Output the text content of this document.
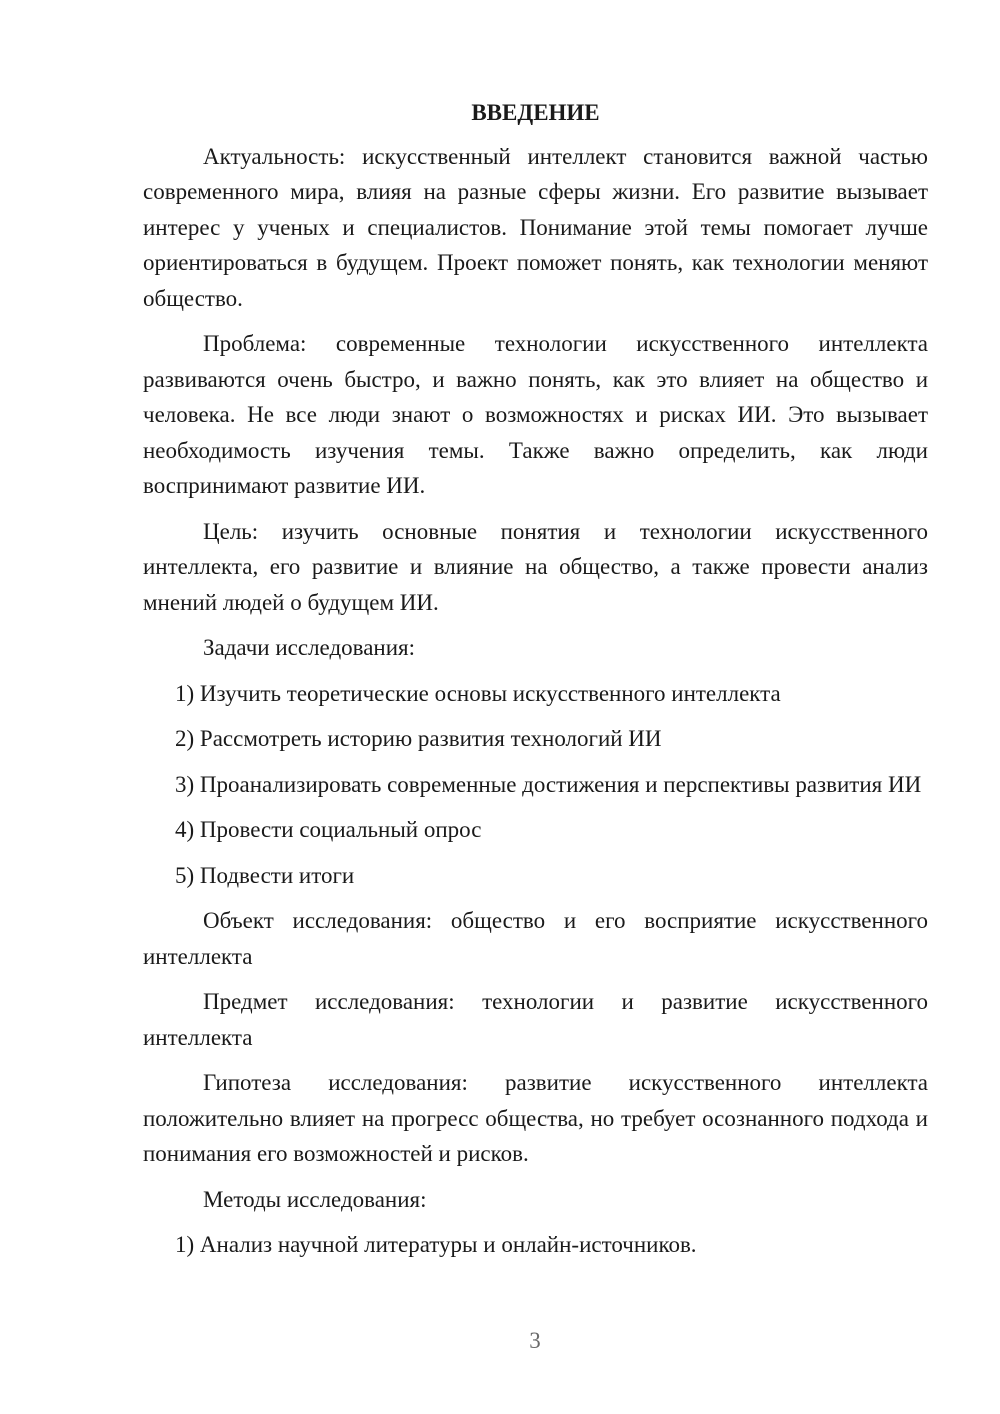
ВВЕДЕНИЕ

Актуальность: искусственный интеллект становится важной частью современного мира, влияя на разные сферы жизни. Его развитие вызывает интерес у ученых и специалистов. Понимание этой темы помогает лучше ориентироваться в будущем. Проект поможет понять, как технологии меняют общество.

Проблема: современные технологии искусственного интеллекта развиваются очень быстро, и важно понять, как это влияет на общество и человека. Не все люди знают о возможностях и рисках ИИ. Это вызывает необходимость изучения темы. Также важно определить, как люди воспринимают развитие ИИ.

Цель: изучить основные понятия и технологии искусственного интеллекта, его развитие и влияние на общество, а также провести анализ мнений людей о будущем ИИ.

Задачи исследования:

1) Изучить теоретические основы искусственного интеллекта

2) Рассмотреть историю развития технологий ИИ

3) Проанализировать современные достижения и перспективы развития ИИ

4) Провести социальный опрос

5) Подвести итоги

Объект исследования: общество и его восприятие искусственного интеллекта

Предмет исследования: технологии и развитие искусственного интеллекта

Гипотеза исследования: развитие искусственного интеллекта положительно влияет на прогресс общества, но требует осознанного подхода и понимания его возможностей и рисков.

Методы исследования:

1) Анализ научной литературы и онлайн-источников.

3
